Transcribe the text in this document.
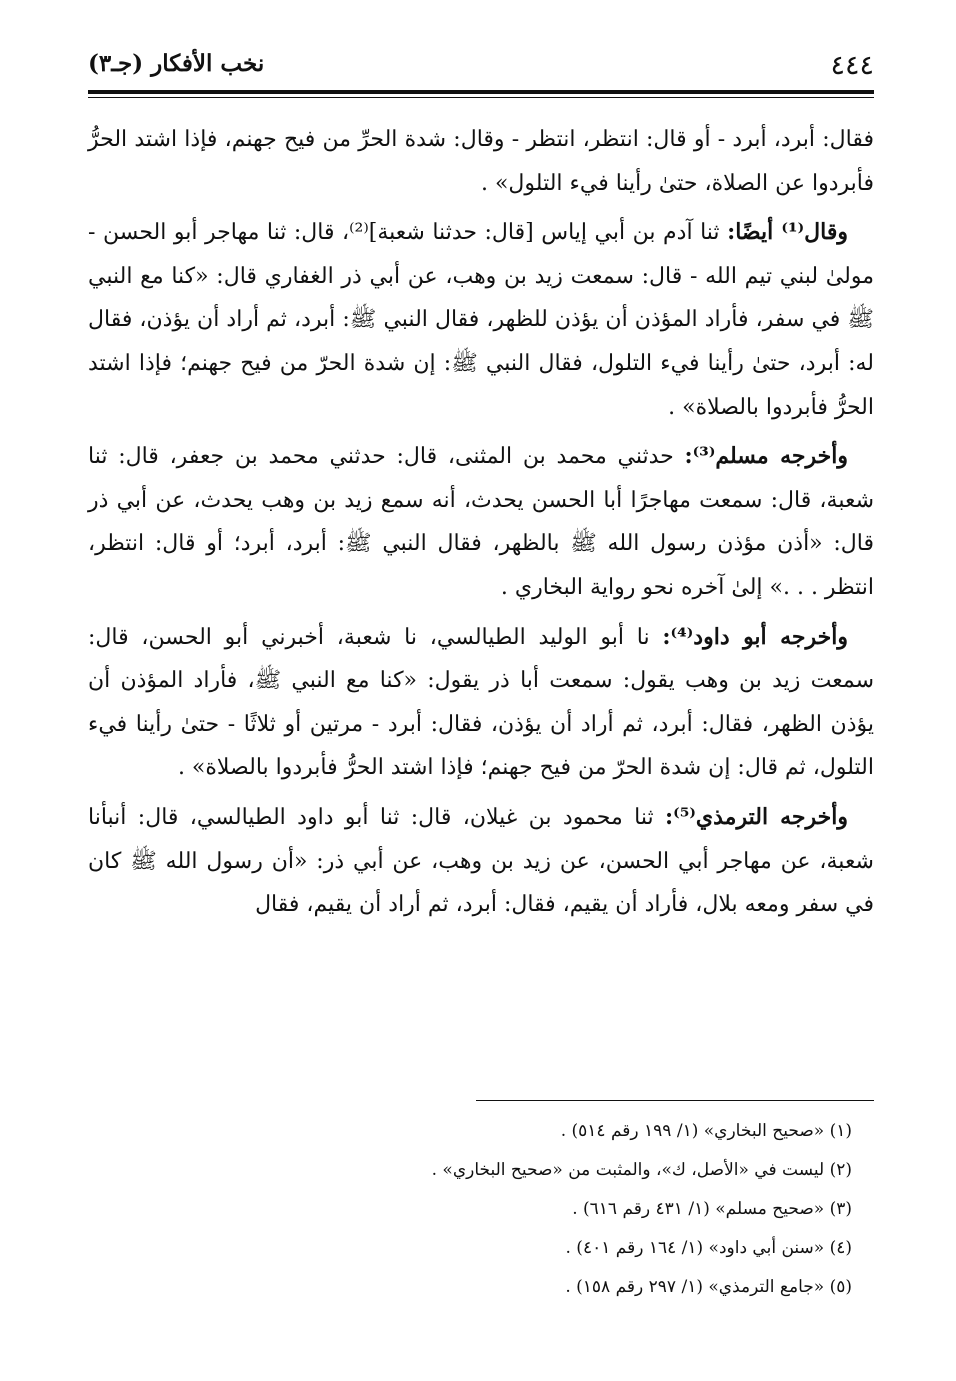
٤٤٤
نخب الأفكار (جـ٣)

فقال: أبرد، أبرد - أو قال: انتظر، انتظر - وقال: شدة الحرِّ من فيح جهنم، فإذا اشتد الحرُّ فأبردوا عن الصلاة، حتىٰ رأينا فيء التلول» .

وقال⁽¹⁾ أيضًا: ثنا آدم بن أبي إياس [قال: حدثنا شعبة]⁽²⁾، قال: ثنا مهاجر أبو الحسن - مولىٰ لبني تيم الله - قال: سمعت زيد بن وهب، عن أبي ذر الغفاري قال: «كنا مع النبي ﷺ في سفر، فأراد المؤذن أن يؤذن للظهر، فقال النبي ﷺ: أبرد، ثم أراد أن يؤذن، فقال له: أبرد، حتىٰ رأينا فيء التلول، فقال النبي ﷺ: إن شدة الحرّ من فيح جهنم؛ فإذا اشتد الحرُّ فأبردوا بالصلاة» .

وأخرجه مسلم⁽³⁾: حدثني محمد بن المثنى، قال: حدثني محمد بن جعفر، قال: ثنا شعبة، قال: سمعت مهاجرًا أبا الحسن يحدث، أنه سمع زيد بن وهب يحدث، عن أبي ذر قال: «أذن مؤذن رسول الله ﷺ بالظهر، فقال النبي ﷺ: أبرد، أبرد؛ أو قال: انتظر، انتظر . . .» إلىٰ آخره نحو رواية البخاري .

وأخرجه أبو داود⁽⁴⁾: نا أبو الوليد الطيالسي، نا شعبة، أخبرني أبو الحسن، قال: سمعت زيد بن وهب يقول: سمعت أبا ذر يقول: «كنا مع النبي ﷺ، فأراد المؤذن أن يؤذن الظهر، فقال: أبرد، ثم أراد أن يؤذن، فقال: أبرد - مرتين أو ثلاثًا - حتىٰ رأينا فيء التلول، ثم قال: إن شدة الحرّ من فيح جهنم؛ فإذا اشتد الحرُّ فأبردوا بالصلاة» .

وأخرجه الترمذي⁽⁵⁾: ثنا محمود بن غيلان، قال: ثنا أبو داود الطيالسي، قال: أنبأنا شعبة، عن مهاجر أبي الحسن، عن زيد بن وهب، عن أبي ذر: «أن رسول الله ﷺ كان في سفر ومعه بلال، فأراد أن يقيم، فقال: أبرد، ثم أراد أن يقيم، فقال

(١) «صحيح البخاري» (١/ ١٩٩ رقم ٥١٤) .
(٢) ليست في «الأصل، ك»، والمثبت من «صحيح البخاري» .
(٣) «صحيح مسلم» (١/ ٤٣١ رقم ٦١٦) .
(٤) «سنن أبي داود» (١/ ١٦٤ رقم ٤٠١) .
(٥) «جامع الترمذي» (١/ ٢٩٧ رقم ١٥٨) .
